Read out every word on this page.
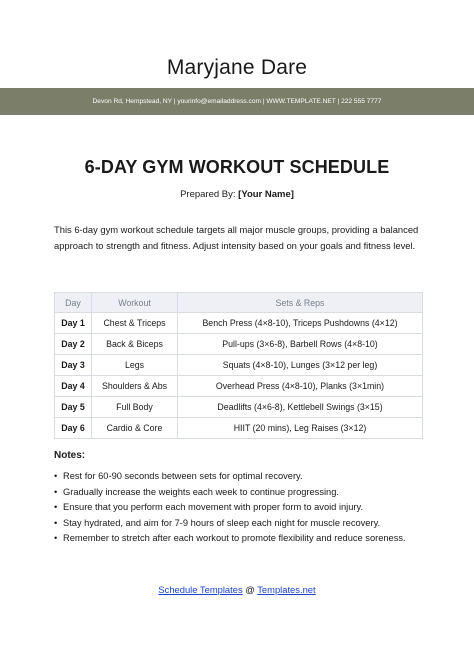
Maryjane Dare
Devon Rd, Hempstead, NY | yourinfo@emailaddress.com | WWW.TEMPLATE.NET | 222 555 7777
6-DAY GYM WORKOUT SCHEDULE
Prepared By: [Your Name]
This 6-day gym workout schedule targets all major muscle groups, providing a balanced approach to strength and fitness. Adjust intensity based on your goals and fitness level.
Day	Workout	Sets & Reps
Day 1	Chest & Triceps	Bench Press (4×8-10), Triceps Pushdowns (4×12)
Day 2	Back & Biceps	Pull-ups (3×6-8), Barbell Rows (4×8-10)
Day 3	Legs	Squats (4×8-10), Lunges (3×12 per leg)
Day 4	Shoulders & Abs	Overhead Press (4×8-10), Planks (3×1min)
Day 5	Full Body	Deadlifts (4×6-8), Kettlebell Swings (3×15)
Day 6	Cardio & Core	HIIT (20 mins), Leg Raises (3×12)
Notes:
• Rest for 60-90 seconds between sets for optimal recovery.
• Gradually increase the weights each week to continue progressing.
• Ensure that you perform each movement with proper form to avoid injury.
• Stay hydrated, and aim for 7-9 hours of sleep each night for muscle recovery.
• Remember to stretch after each workout to promote flexibility and reduce soreness.
Schedule Templates @ Templates.net
